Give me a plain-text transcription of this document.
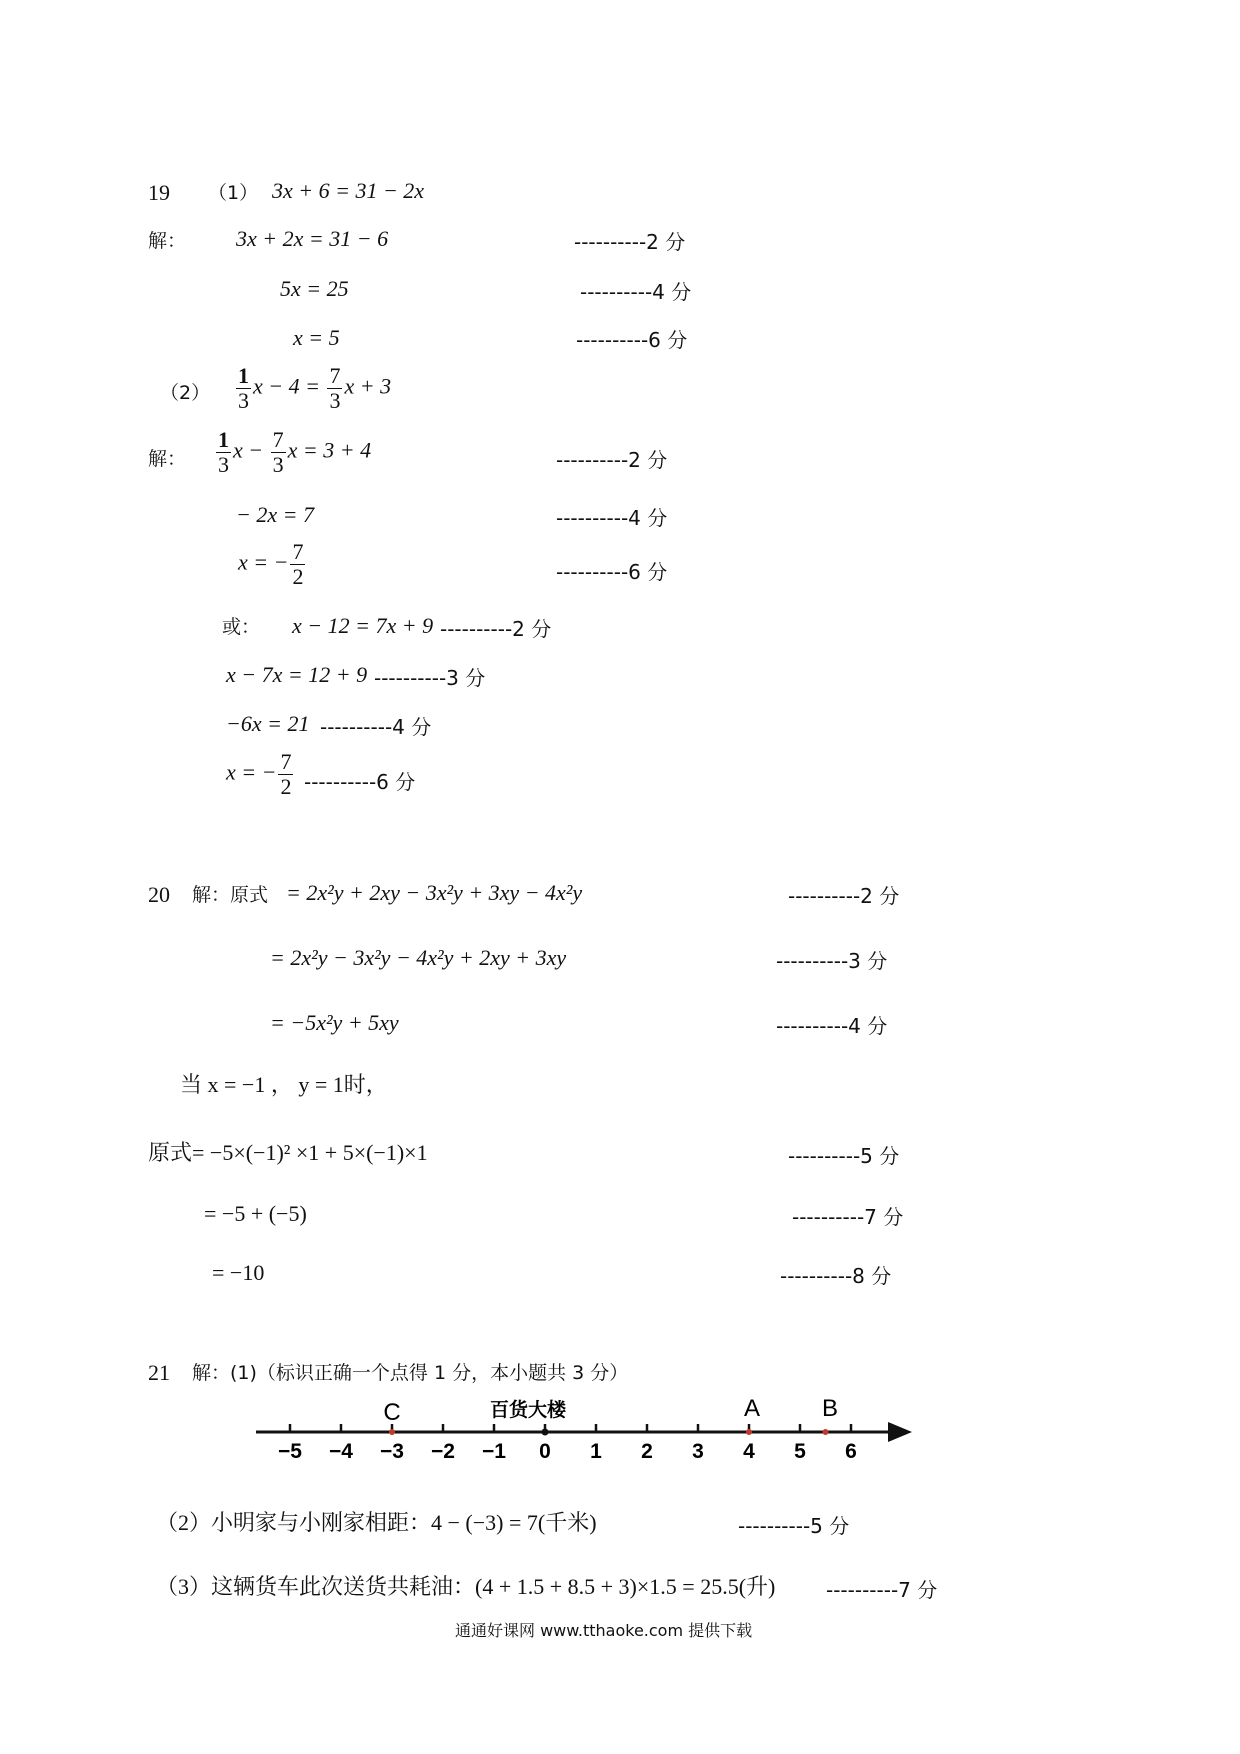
19 （1） 3x + 6 = 31 − 2x
解： 3x + 2x = 31 − 6	----------2 分
5x = 25	----------4 分
x = 5	----------6 分
$(2) \frac{1}{3}$ $x - 4 = \frac{7}{3}$ x + 3
解： $\frac{1}{3}$ $x - \frac{7}{3}$ x = 3 + 4	----------2 分
− 2x = 7	----------4 分
x = − $\frac{7}{2}$	----------6 分
或： x − 12 = 7x + 9 ----------2 分
x − 7x = 12 + 9 ----------3 分
−6x = 21 ----------4 分
x = − $\frac{7}{2} ----------6$ 分
20 解：原式 = 2x²y + 2xy − 3x²y + 3xy − 4x²y	----------2 分
= 2x²y − 3x²y − 4x²y + 2xy + 3xy	----------3 分
= −5x²y + 5xy	----------4 分
当 x = −1 ， y = 1时，
原式= −5×(−1)² ×1 + 5×(−1)×1	----------5 分
= −5 + (−5)	----------7 分
= −10	----------8 分
21 解：(1)（标识正确一个点得 1 分，本小题共 3 分）
百货大楼
C	A	B
−5 −4 −3 −2 −1 0 1 2 3 4 5 6
（2）小明家与小刚家相距：4 − (−3) = 7(千米)	----------5 分
（3）这辆货车此次送货共耗油：(4 + 1.5 + 8.5 + 3)×1.5 = 25.5(升)	----------7 分
通通好课网 www.tthaoke.com 提供下载
